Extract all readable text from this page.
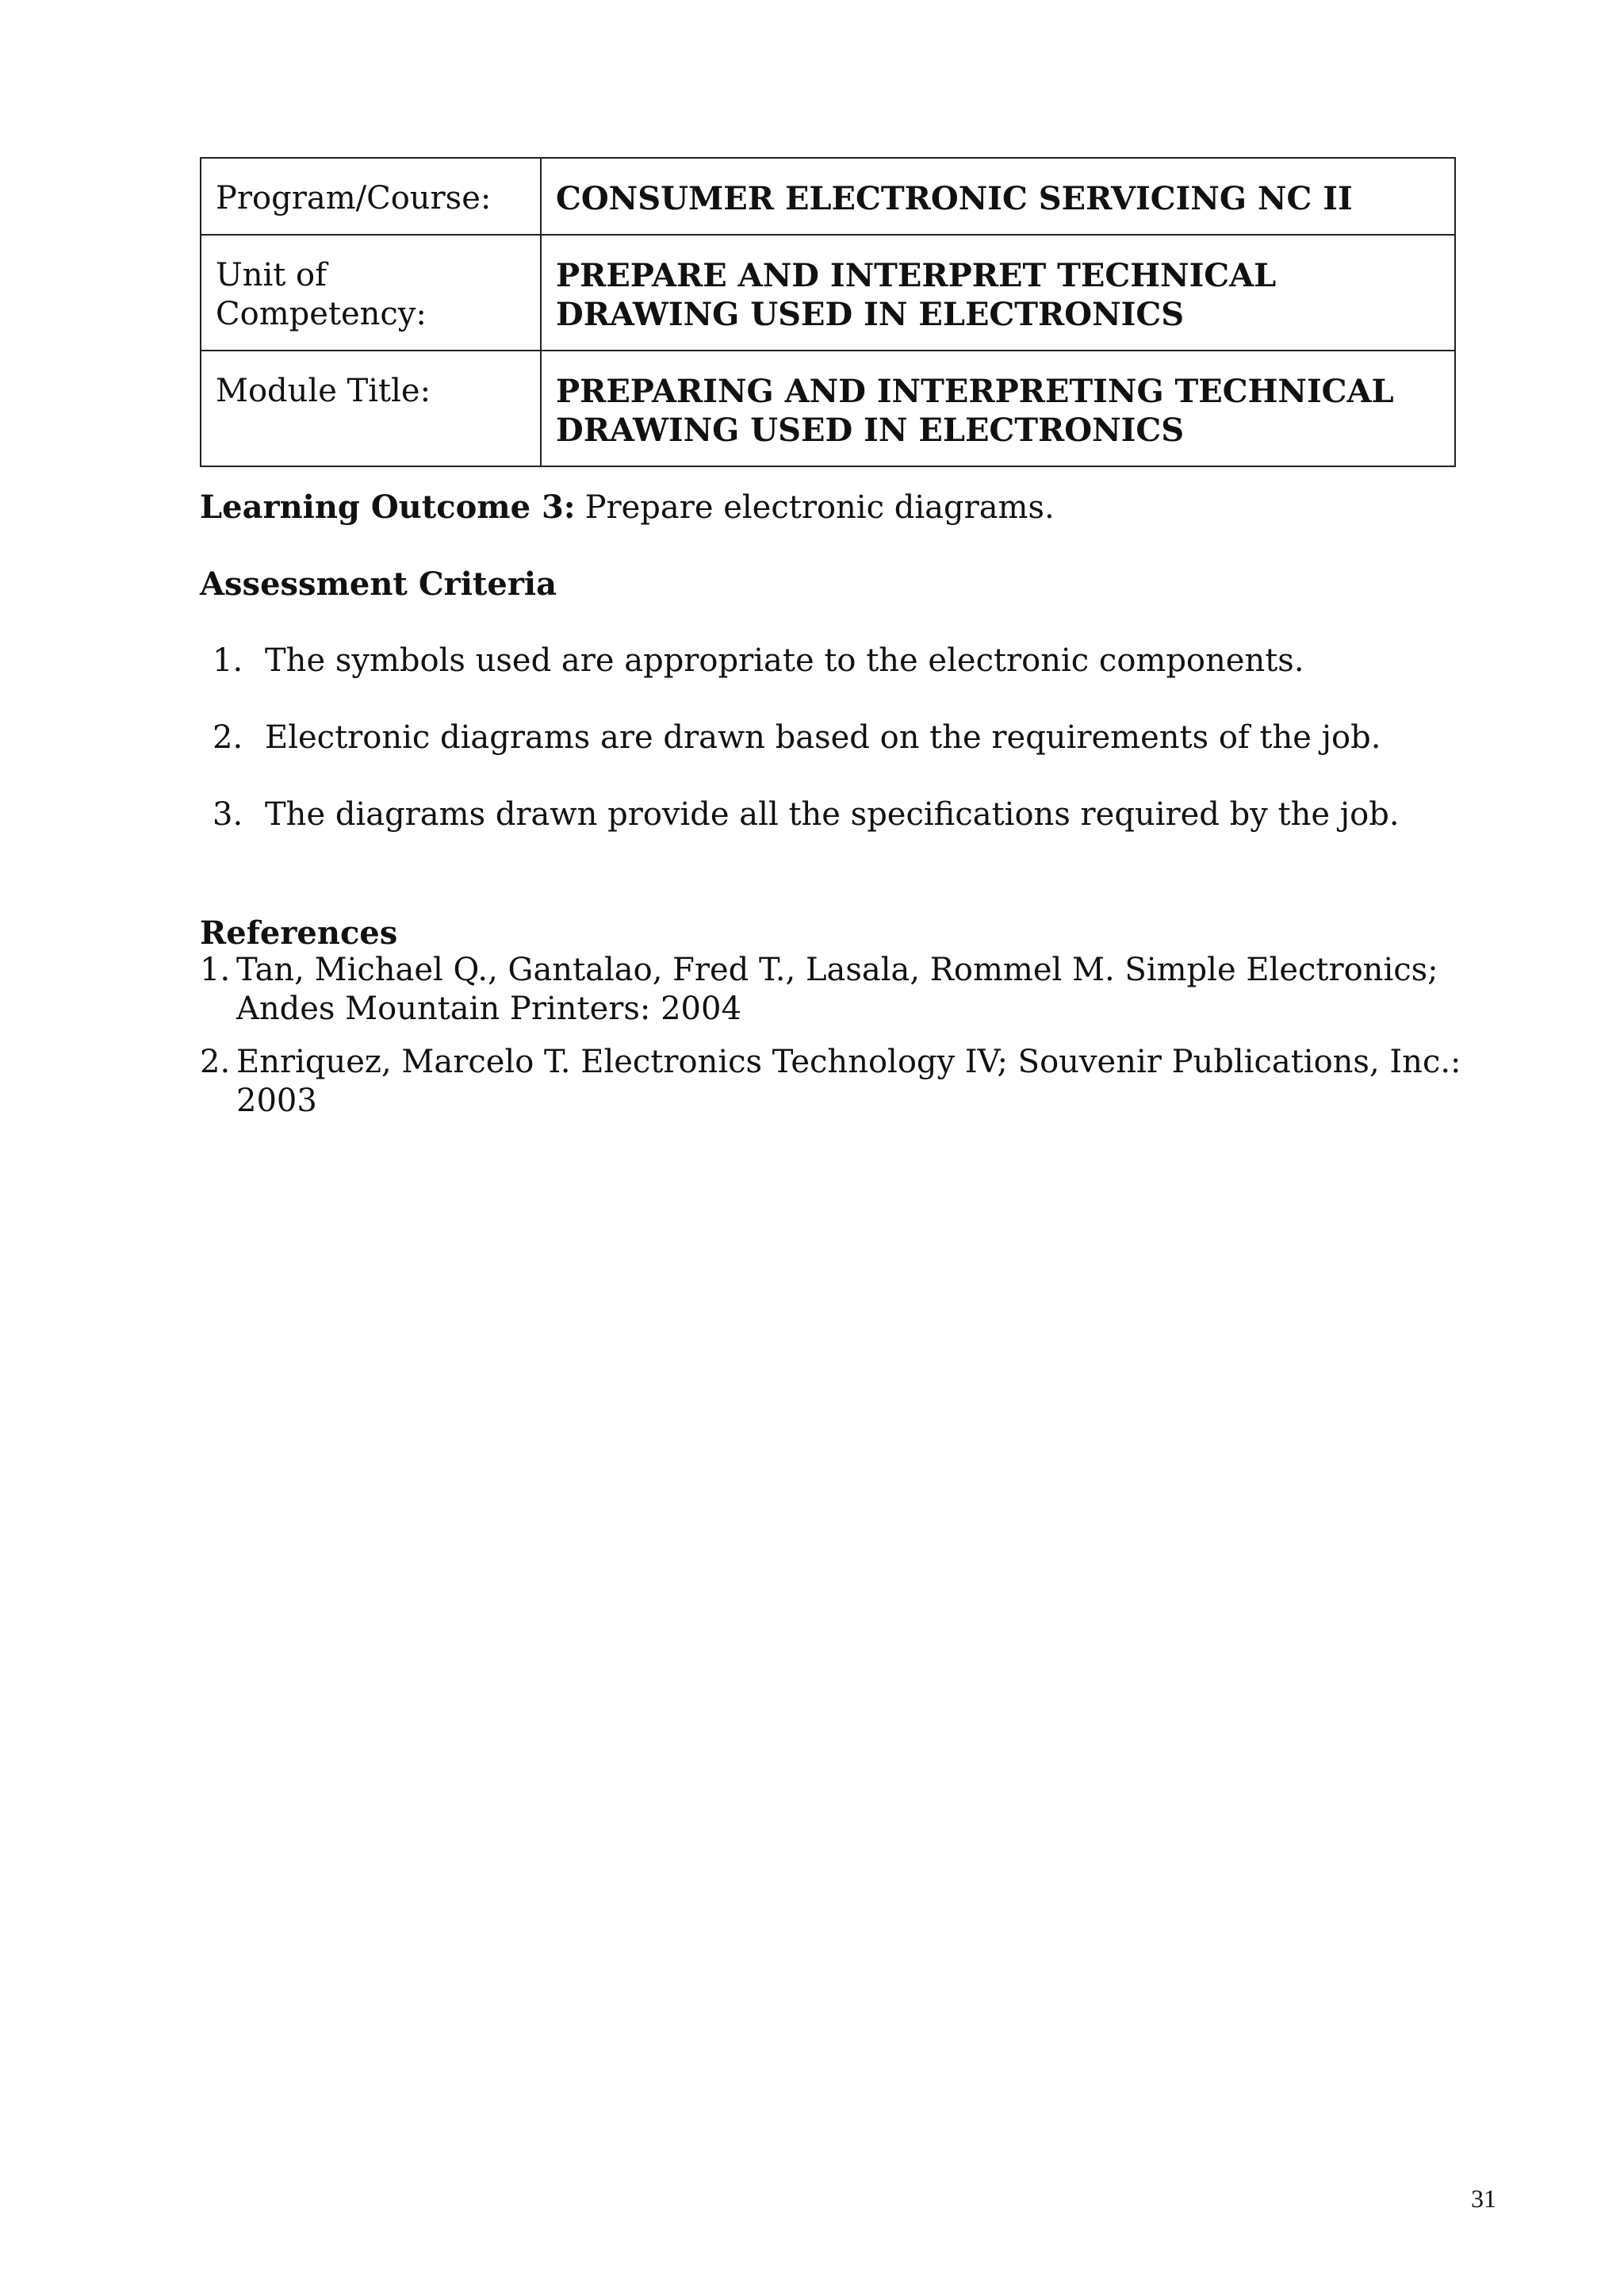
Program/Course:	CONSUMER ELECTRONIC SERVICING NC II
Unit of Competency:	PREPARE AND INTERPRET TECHNICAL DRAWING USED IN ELECTRONICS
Module Title:	PREPARING AND INTERPRETING TECHNICAL DRAWING USED IN ELECTRONICS
Learning Outcome 3: Prepare electronic diagrams.
Assessment Criteria
1. The symbols used are appropriate to the electronic components.
2. Electronic diagrams are drawn based on the requirements of the job.
3. The diagrams drawn provide all the specifications required by the job.
References
1. Tan, Michael Q., Gantalao, Fred T., Lasala, Rommel M. Simple Electronics; Andes Mountain Printers: 2004
2. Enriquez, Marcelo T. Electronics Technology IV; Souvenir Publications, Inc.: 2003
31
